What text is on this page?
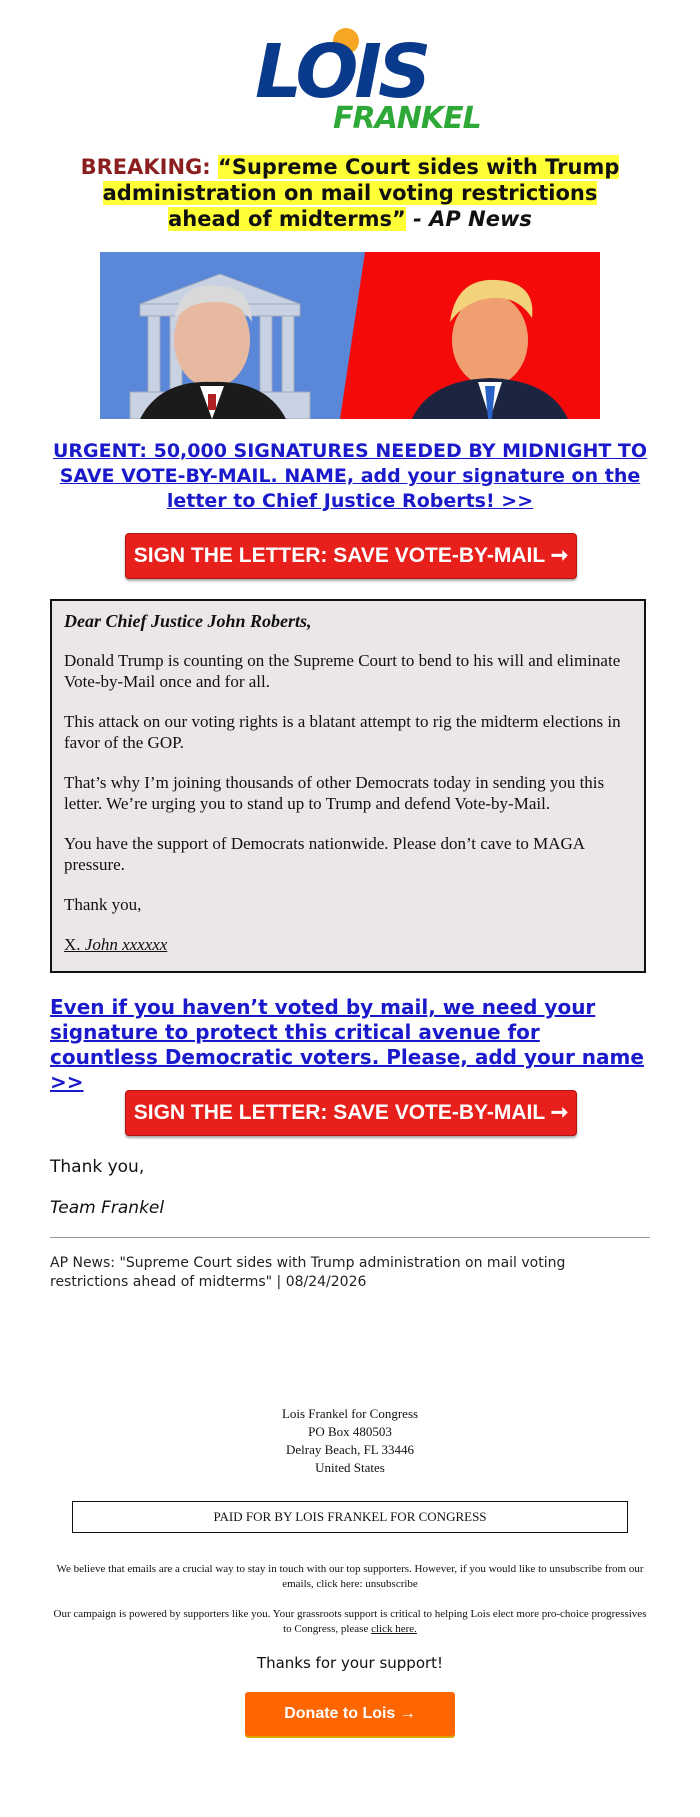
LOIS
FRANKEL
BREAKING: “Supreme Court sides with Trump administration on mail voting restrictions ahead of midterms” - AP News
URGENT: 50,000 SIGNATURES NEEDED BY MIDNIGHT TO SAVE VOTE-BY-MAIL. NAME, add your signature on the letter to Chief Justice Roberts! >>
SIGN THE LETTER: SAVE VOTE-BY-MAIL ➞

Dear Chief Justice John Roberts,

Donald Trump is counting on the Supreme Court to bend to his will and eliminate Vote-by-Mail once and for all.

This attack on our voting rights is a blatant attempt to rig the midterm elections in favor of the GOP.

That’s why I’m joining thousands of other Democrats today in sending you this letter. We’re urging you to stand up to Trump and defend Vote-by-Mail.

You have the support of Democrats nationwide. Please don’t cave to MAGA pressure.

Thank you,

X. John xxxxxx

Even if you haven’t voted by mail, we need your signature to protect this critical avenue for countless Democratic voters. Please, add your name >>
SIGN THE LETTER: SAVE VOTE-BY-MAIL ➞
Thank you,
Team Frankel
AP News: "Supreme Court sides with Trump administration on mail voting restrictions ahead of midterms" | 08/24/2026
Lois Frankel for Congress
PO Box 480503
Delray Beach, FL 33446
United States
PAID FOR BY LOIS FRANKEL FOR CONGRESS
We believe that emails are a crucial way to stay in touch with our top supporters. However, if you would like to unsubscribe from our emails, click here: unsubscribe
Our campaign is powered by supporters like you. Your grassroots support is critical to helping Lois elect more pro-choice progressives to Congress, please click here.
Thanks for your support!
Donate to Lois →
